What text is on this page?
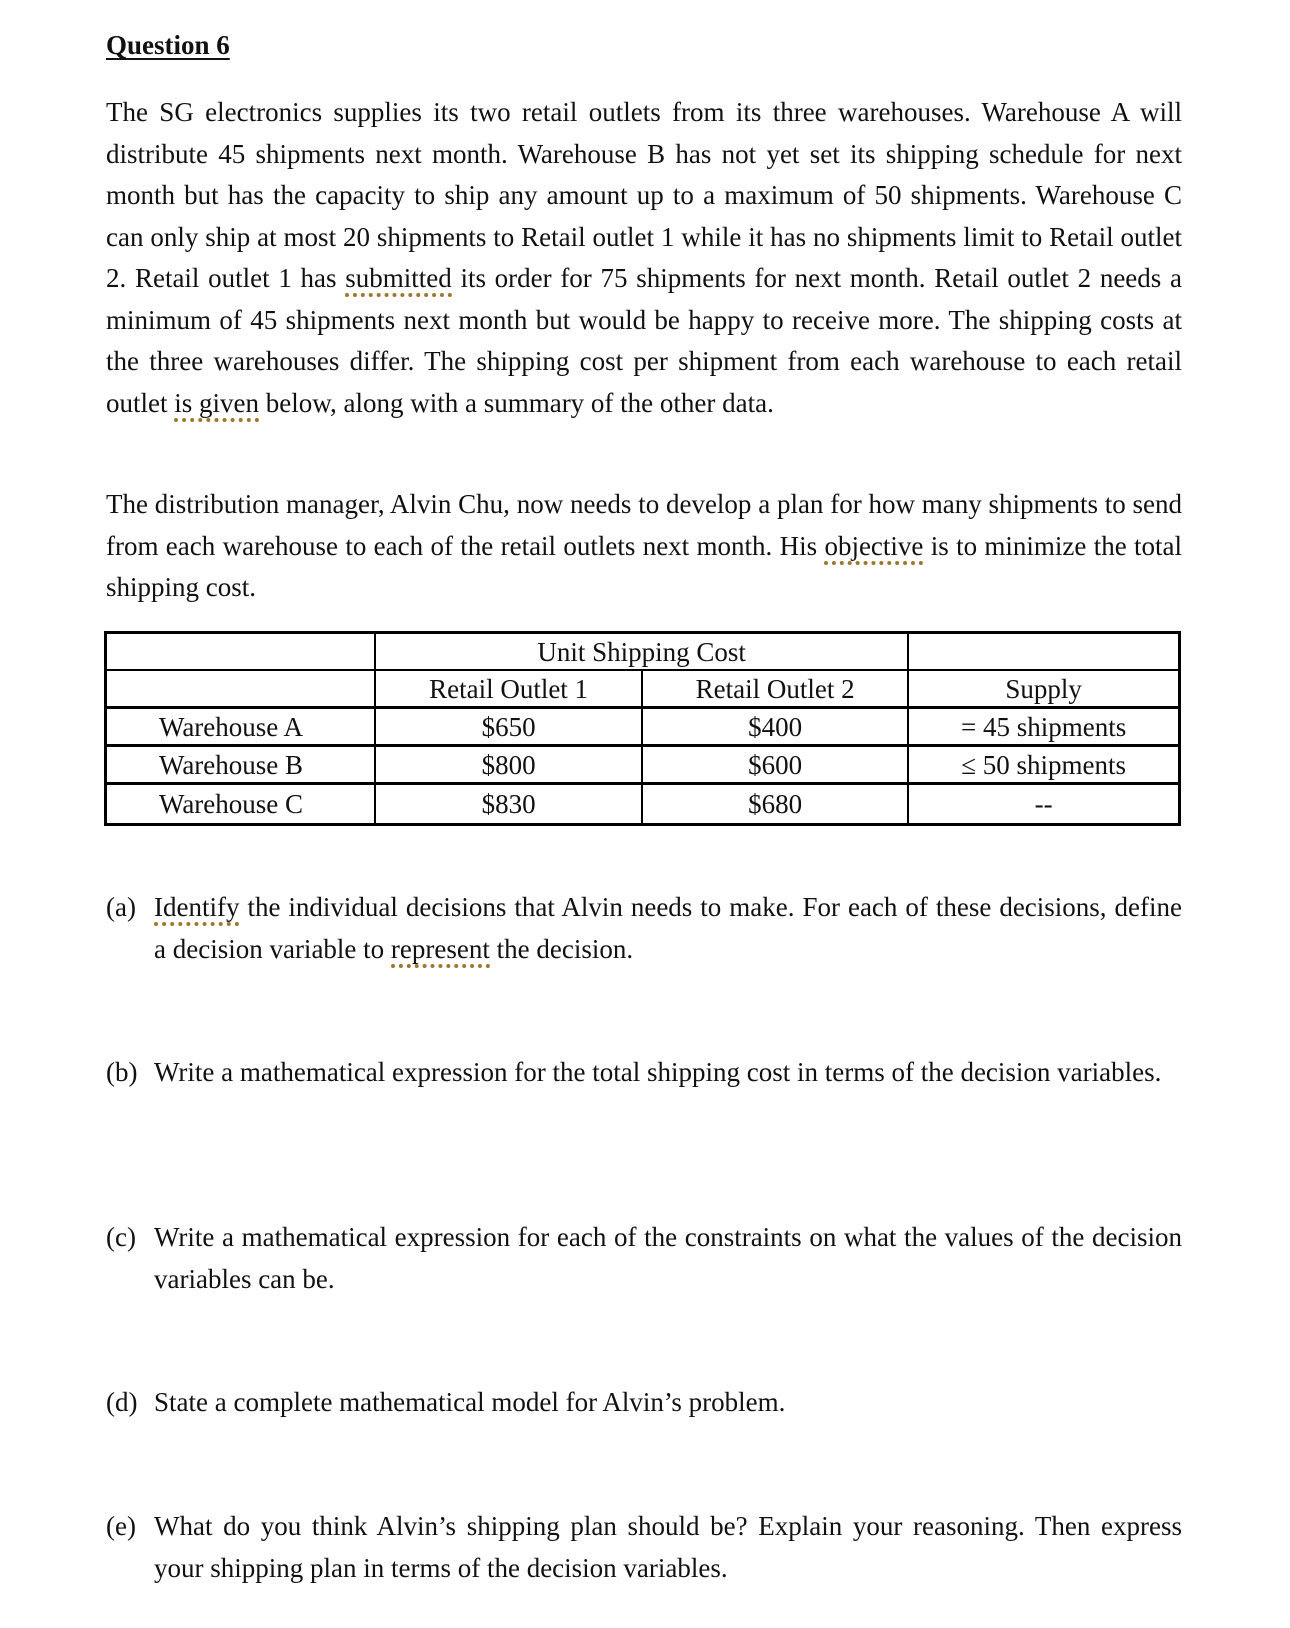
Question 6
The SG electronics supplies its two retail outlets from its three warehouses. Warehouse A will distribute 45 shipments next month. Warehouse B has not yet set its shipping schedule for next month but has the capacity to ship any amount up to a maximum of 50 shipments. Warehouse C can only ship at most 20 shipments to Retail outlet 1 while it has no shipments limit to Retail outlet 2. Retail outlet 1 has submitted its order for 75 shipments for next month. Retail outlet 2 needs a minimum of 45 shipments next month but would be happy to receive more. The shipping costs at the three warehouses differ. The shipping cost per shipment from each warehouse to each retail outlet is given below, along with a summary of the other data.
The distribution manager, Alvin Chu, now needs to develop a plan for how many shipments to send from each warehouse to each of the retail outlets next month. His objective is to minimize the total shipping cost.
	Unit Shipping Cost		
	Retail Outlet 1	Retail Outlet 2	Supply
Warehouse A	$650	$400	= 45 shipments
Warehouse B	$800	$600	≤ 50 shipments
Warehouse C	$830	$680	--
(a) Identify the individual decisions that Alvin needs to make. For each of these decisions, define a decision variable to represent the decision.
(b) Write a mathematical expression for the total shipping cost in terms of the decision variables.
(c) Write a mathematical expression for each of the constraints on what the values of the decision variables can be.
(d) State a complete mathematical model for Alvin’s problem.
(e) What do you think Alvin’s shipping plan should be? Explain your reasoning. Then express your shipping plan in terms of the decision variables.
